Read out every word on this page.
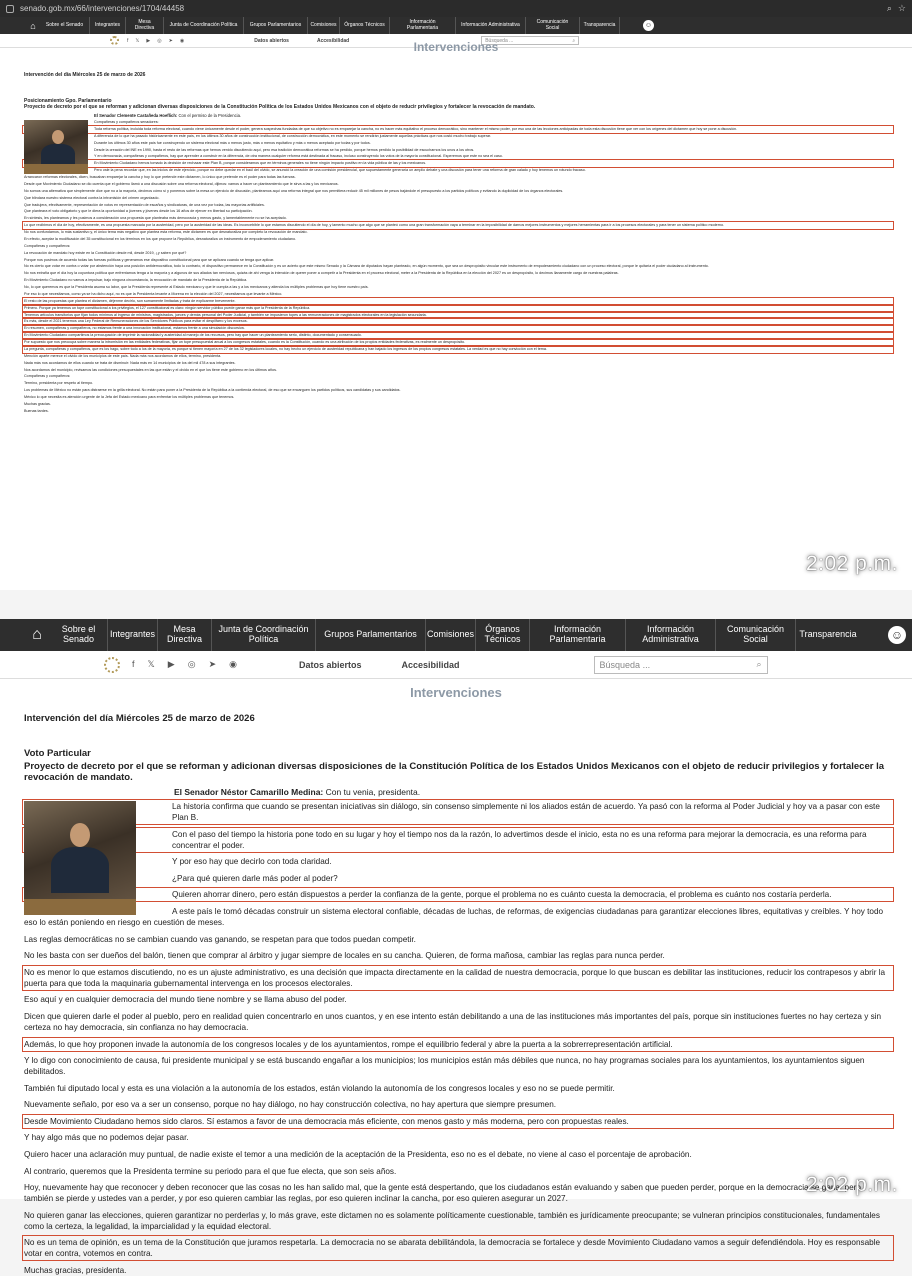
senado.gob.mx/66/intervenciones/1704/44458	⌕ ☆
⌂	Sobre el Senado	Integrantes	Mesa Directiva	Junta de Coordinación Política	Grupos Parlamentarios	Comisiones	Órganos Técnicos	Información Parlamentaria	Información Administrativa	Comunicación Social	Transparencia	☺
f 𝕏 ▶ ◎ ➤ ◉	Datos abiertos	Accesibilidad	Búsqueda ...	⌕
Intervenciones
Intervención del día Miércoles 25 de marzo de 2026
Posicionamiento Gpo. Parlamentario
Proyecto de decreto por el que se reforman y adicionan diversas disposiciones de la Constitución Política de los Estados Unidos Mexicanos con el objeto de reducir privilegios y fortalecer la revocación de mandato.
El Senador Clemente Castañeda Hoeflich: Con el permiso de la Presidencia.
Compañeras y compañeros senadores:
Toda reforma política, incluida toda reforma electoral, cuando viene únicamente desde el poder, genera sospechas fundadas de que su objetivo no es emparejar la cancha, no es hacer más equitativo el proceso democrático, sino mantener el mismo poder, por eso una de las lecciones anticipadas de toda esta discusión tiene que ver con los orígenes del dictamen que hoy se pone a discusión.
A diferencia de lo que ha pasado históricamente en este país, en los últimos 30 años de construcción institucional, de construcción democrática, en este momento se rendirán justamente aquellas prácticas que nos costó mucho trabajo superar.
Durante los últimos 30 años este país fue construyendo un sistema electoral más o menos justo, más o menos equitativo y más o menos aceptado por todas y por todos.
Desde la creación del INE en 1990, hasta el resto de las reformas que hemos venido discutiendo aquí, pero esa tradición democrática reformas se ha perdido, porque hemos perdido la posibilidad de escucharnos los unos a los otros.
Y en democracia, compañeras y compañeros, hay que aprender a construir en la diferencia, de otra manera cualquier reforma está destinada al fracaso, incluso construyendo los votos de la mayoría constitucional. Esperemos que este no sea el caso.
En Movimiento Ciudadano hemos tomado la decisión de rechazar este Plan B, porque consideramos que en términos generales no tiene ningún impacto positivo en la vida pública de las y los mexicanos.
Pero vale la pena recordar que, en las inicios de este ejercicio, porque no debe quedar en el baúl del olvido, se anunció la creación de una comisión presidencial, que supuestamente generaría un amplio debate y una discusión para tener una reforma de gran calado y hoy tenemos un rotundo fracaso.
Arrancaron reformas electorales, dicen, buscaban emparejar la cancha y hoy lo que pretende este dictamen, lo único que pretende es el poder para todas las fuerzas.
Desde que Movimiento Ciudadano se dio cuenta que el gobierno llamó a una discusión sobre una reforma electoral, dijimos: vamos a hacer un planteamiento que le sirva a las y los mexicanos.
No somos una alternativa que simplemente dice que no a la mayoría, decimos cómo sí y ponemos sobre la mesa un ejercicio de discusión, planteamos aquí una reforma integral que nos permitiera reducir 45 mil millones de pesos bajándole el presupuesto a los partidos políticos y evitando la duplicidad de los órganos electorales.
Que blindara nuestro sistema electoral contra la intromisión del crimen organizado.
Que tradujera, efectivamente, representación de votos en representación de escaños y sindicaturas, de una vez por todas, las mayorías artificiales.
Que planteara el voto obligatorio y que le diera la oportunidad a jóvenes y jóvenes desde los 16 años de ejercer en libertad su participación.
En síntesis, les planteamos y les pusimos a consideración una propuesta que planteaba más democracia y menos gasto, y lamentablemente no se ha aceptado.
Lo que recibimos el día de hoy, efectivamente, es una propuesta marcada por la austeridad, pero por la austeridad de las ideas. Es inconcebible lo que estamos discutiendo el día de hoy, y lamento mucho que algo que se planteó como una gran transformación vaya a terminar en la imposibilidad de darnos mejores instrumentos y mejores herramientas para ir a los procesos electorales y para tener un sistema político moderno.
No nos confundamos, lo más sustantivo y, el único tema más negativo que plantea esta reforma, este dictamen es que desnaturaliza por completo la revocación de mandato.
En efecto, aceptar la modificación del 35 constitucional en los términos en los que propone la República, desnaturaliza un instrumento de empoderamiento ciudadano.
Compañeras y compañeros:
La revocación de mandato hoy existe en la Constitución desde mil, desde 2019, ¿y saben por qué?
Porque nos pusimos de acuerdo todas las fuerzas políticas y generamos ese dispositivo constitucional para que se aplicara cuando se tenga que aplicar.
No es cierto que votar en contra o votar por abstención haya una posición antidemocrática, todo lo contrario, el dispositivo permanece en la Constitución y es un acierto que este mismo Senado y la Cámara de diputados hayan planteado, en algún momento, que sea un despropósito vincular este instrumento de empoderamiento ciudadano con un proceso electoral, porque le quitaría el poder ciudadano al instrumento.
No nos extraña que el día hoy la coyuntura política que enfrentamos tenga a la mayoría y a algunos de sus aliados tan nerviosos, quizás de ahí venga la intención de querer poner a competir a la Presidenta en el proceso electoral, meter a la Presidenta de la República en la elección del 2027 es un despropósito, lo decimos llanamente cargo de nuestras palabras.
En Movimiento Ciudadano no vamos a impulsar, bajo ninguna circunstancia, la revocación de mandato de la Presidenta de la República.
No, lo que queremos es que la Presidenta asuma su labor, que la Presidenta represente al Estado mexicano y que le cumpla a las y a los mexicanos y atienda los múltiples problemas que hoy tiene nuestro país.
Por eso lo que necesitamos, como ya se ha dicho aquí, no es que la Presidenta levante a Morena en la elección del 2027, necesitamos que levante a México.
El resto de las propuestas que plantea el dictamen, déjenme decirlo, son sumamente limitadas y trata de explicarme brevemente.
Primero. Porque ya tenemos un tope constitucional a los privilegios, el 127 constitucional es claro: ningún servidor público puede ganar más que la Presidenta de la República.
Tenemos artículos transitorios que fijan todos mínimos al ingreso de ministros, magistrados, jueces y demás personal del Poder Judicial, y también se impusieron topes a las remuneraciones de magistrados electorales en la legislación secundaria.
Es más, desde el 2021 tenemos una Ley Federal de Remuneraciones de los Servidores Públicos para evitar el despilfarro y los excesos.
En resumen, compañeras y compañeros, no estamos frente a una innovación institucional, estamos frente a una simulación discursiva.
En Movimiento Ciudadano compartimos la preocupación de imprimir la racionalidad y austeridad al manejo de los recursos, pero hay que hacer un planteamiento serio, distinto, documentado y consensuado.
Por supuesto que nos preocupa sobre manera la intromisión en las entidades federativas, fijar un tope presupuestal anual a los congresos estatales, cuando es la Constitución, cuando es una atribución de los propios entidades federativas, es realmente un despropósito.
La pregunta, compañeras y compañeros, que es los hago, sobre todo a los de la mayoría, es porque si tienen mayoría en 27 de los 32 legisladores locales, no hay hecho un ejercicio de austeridad republicana y han bajado los ingresos de los propios congresos estatales. La verdad es que no hay convicción con el tema.
Mención aparte merece el olvido de los municipios de este país. Nada más nos acordamos de ellos, termino, presidenta.
Nada más nos acordamos de ellos cuando se trata de disminuir: Nada más en 14 municipios de los del mil 478 a sus integrantes.
Nos acordamos del municipio, revisamos las condiciones presupuestales en las que están y el olvido en el que los tiene este gobierno en los últimos años.
Compañeras y compañeros:
Termino, presidenta por respeto al tiempo.
Los problemas de México no están para distraerse en la grilla electoral. No están para poner a la Presidenta de la República a la contienda electoral, de eso que se encarguen los partidos políticos, sus candidatas y sus candidatos.
México lo que necesita es atención urgente de la Jefa del Estado mexicano para enfrentar los múltiples problemas que tenemos.
Muchas gracias.
Buenas tardes.
2:02 p.m.
⌂	Sobre el Senado	Integrantes	Mesa Directiva
Junta de Coordinación Política	Grupos Parlamentarios	Comisiones	Órganos Técnicos
Información Parlamentaria
Información Administrativa
Comunicación Social	Transparencia	☺
f 𝕏 ▶ ◎ ➤ ◉	Datos abiertos	Accesibilidad	Búsqueda ...	⌕
Intervenciones
Intervención del día Miércoles 25 de marzo de 2026
Voto Particular
Proyecto de decreto por el que se reforman y adicionan diversas disposiciones de la Constitución Política de los Estados Unidos Mexicanos con el objeto de reducir privilegios y fortalecer la revocación de mandato.
El Senador Néstor Camarillo Medina: Con tu venia, presidenta.
La historia confirma que cuando se presentan iniciativas sin diálogo, sin consenso simplemente ni los aliados están de acuerdo. Ya pasó con la reforma al Poder Judicial y hoy va a pasar con este Plan B.
Con el paso del tiempo la historia pone todo en su lugar y hoy el tiempo nos da la razón, lo advertimos desde el inicio, esta no es una reforma para mejorar la democracia, es una reforma para concentrar el poder.
Y por eso hay que decirlo con toda claridad.
¿Para qué quieren darle más poder al poder?
Quieren ahorrar dinero, pero están dispuestos a perder la confianza de la gente, porque el problema no es cuánto cuesta la democracia, el problema es cuánto nos costaría perderla.
A este país le tomó décadas construir un sistema electoral confiable, décadas de luchas, de reformas, de exigencias ciudadanas para garantizar elecciones libres, equitativas y creíbles. Y hoy todo eso lo están poniendo en riesgo en cuestión de meses.
Las reglas democráticas no se cambian cuando vas ganando, se respetan para que todos puedan competir.
No les basta con ser dueños del balón, tienen que comprar al árbitro y jugar siempre de locales en su cancha. Quieren, de forma mañosa, cambiar las reglas para nunca perder.
No es menor lo que estamos discutiendo, no es un ajuste administrativo, es una decisión que impacta directamente en la calidad de nuestra democracia, porque lo que buscan es debilitar las instituciones, reducir los contrapesos y abrir la puerta para que toda la maquinaria gubernamental intervenga en los procesos electorales.
Eso aquí y en cualquier democracia del mundo tiene nombre y se llama abuso del poder.
Dicen que quieren darle el poder al pueblo, pero en realidad quien concentrarlo en unos cuantos, y en ese intento están debilitando a una de las instituciones más importantes del país, porque sin instituciones fuertes no hay certeza y sin certeza no hay democracia, sin confianza no hay democracia.
Además, lo que hoy proponen invade la autonomía de los congresos locales y de los ayuntamientos, rompe el equilibrio federal y abre la puerta a la sobrerrepresentación artificial.
Y lo digo con conocimiento de causa, fui presidente municipal y se está buscando engañar a los municipios; los municipios están más débiles que nunca, no hay programas sociales para los ayuntamientos, los ayuntamientos siguen debilitados.
También fui diputado local y esta es una violación a la autonomía de los estados, están violando la autonomía de los congresos locales y eso no se puede permitir.
Nuevamente señalo, por eso va a ser un consenso, porque no hay diálogo, no hay construcción colectiva, no hay apertura que siempre presumen.
Desde Movimiento Ciudadano hemos sido claros. Sí estamos a favor de una democracia más eficiente, con menos gasto y más moderna, pero con propuestas reales.
Y hay algo más que no podemos dejar pasar.
Quiero hacer una aclaración muy puntual, de nadie existe el temor a una medición de la aceptación de la Presidenta, eso no es el debate, no viene al caso el porcentaje de aprobación.
Al contrario, queremos que la Presidenta termine su periodo para el que fue electa, que son seis años.
Hoy, nuevamente hay que reconocer y deben reconocer que las cosas no les han salido mal, que la gente está despertando, que los ciudadanos están evaluando y saben que pueden perder, porque en la democracia se gana, pero también se pierde y ustedes van a perder, y por eso quieren cambiar las reglas, por eso quieren inclinar la cancha, por eso quieren asegurar un 2027.
No quieren ganar las elecciones, quieren garantizar no perderlas y, lo más grave, este dictamen no es solamente políticamente cuestionable, también es jurídicamente preocupante; se vulneran principios constitucionales, fundamentales como la certeza, la legalidad, la imparcialidad y la equidad electoral.
No es un tema de opinión, es un tema de la Constitución que juramos respetarla. La democracia no se abarata debilitándola, la democracia se fortalece y desde Movimiento Ciudadano vamos a seguir defendiéndola. Hoy es responsable votar en contra, votemos en contra.
Muchas gracias, presidenta.
2:02 p.m.
